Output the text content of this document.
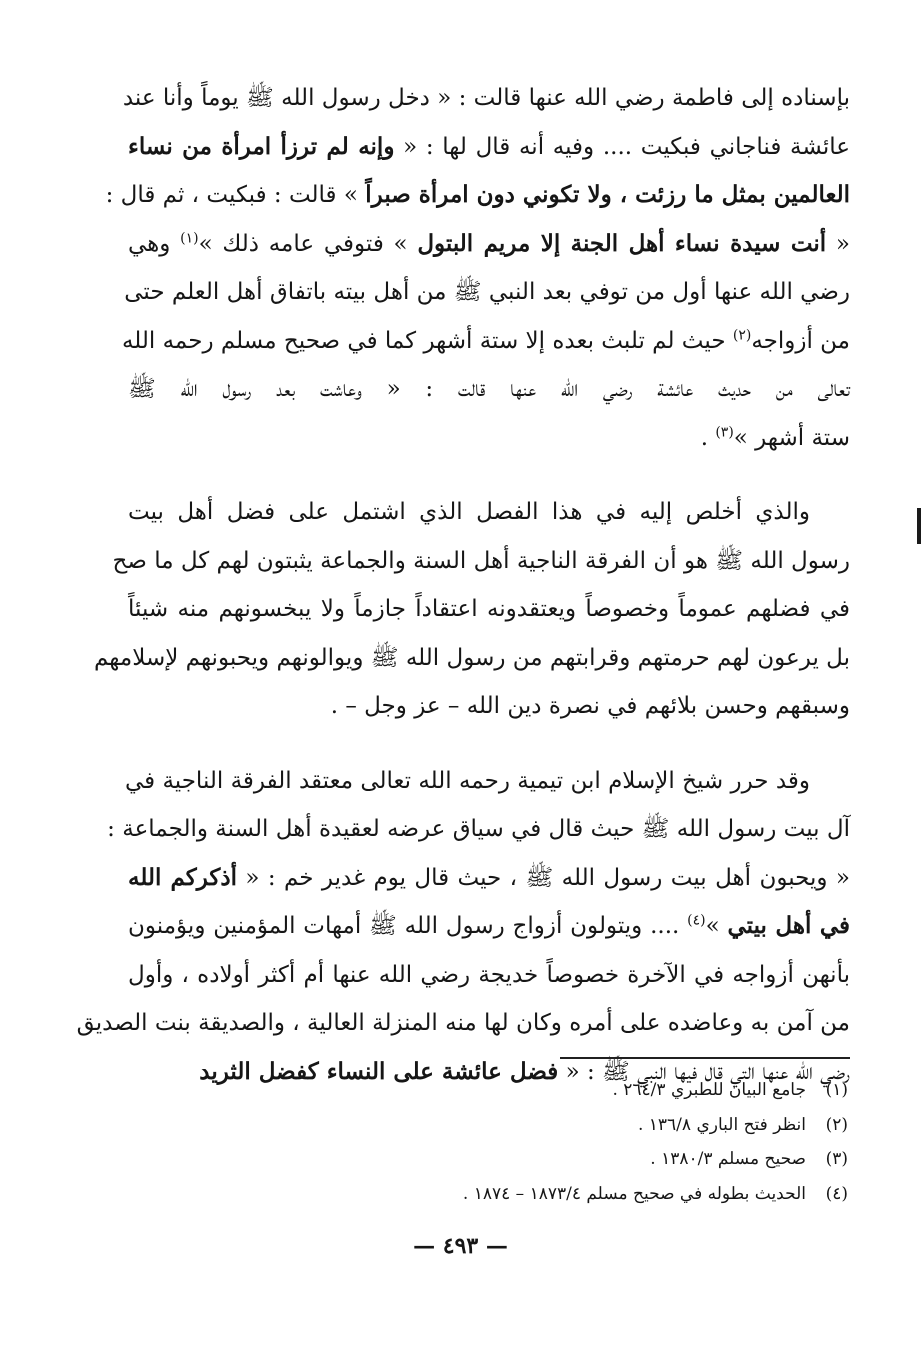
بإسناده إلى فاطمة رضي الله عنها قالت : « دخل رسول الله ﷺ يوماً وأنا عند
عائشة فناجاني فبكيت .... وفيه أنه قال لها : « وإنه لم ترزأ امرأة من نساء
العالمين بمثل ما رزئت ، ولا تكوني دون امرأة صبراً » قالت : فبكيت ، ثم قال :
« أنت سيدة نساء أهل الجنة إلا مريم البتول » فتوفي عامه ذلك »$^{(١)}$ وهي
رضي الله عنها أول من توفي بعد النبي ﷺ من أهل بيته باتفاق أهل العلم حتى
من أزواجه$^{(٢)}$ حيث لم تلبث بعده إلا ستة أشهر كما في صحيح مسلم رحمه الله
تعالى من حديث عائشة رضي الله عنها قالت : « وعاشت بعد رسول الله ﷺ
ستة أشهر »$^{(٣)}$ .

والذي أخلص إليه في هذا الفصل الذي اشتمل على فضل أهل بيت
رسول الله ﷺ هو أن الفرقة الناجية أهل السنة والجماعة يثبتون لهم كل ما صح
في فضلهم عموماً وخصوصاً ويعتقدونه اعتقاداً جازماً ولا يبخسونهم منه شيئاً
بل يرعون لهم حرمتهم وقرابتهم من رسول الله ﷺ ويوالونهم ويحبونهم لإسلامهم
وسبقهم وحسن بلائهم في نصرة دين الله – عز وجل – .

وقد حرر شيخ الإسلام ابن تيمية رحمه الله تعالى معتقد الفرقة الناجية في
آل بيت رسول الله ﷺ حيث قال في سياق عرضه لعقيدة أهل السنة والجماعة :
« ويحبون أهل بيت رسول الله ﷺ ، حيث قال يوم غدير خم : « أذكركم الله
في أهل بيتي »$^{(٤)}$ .... ويتولون أزواج رسول الله ﷺ أمهات المؤمنين ويؤمنون
بأنهن أزواجه في الآخرة خصوصاً خديجة رضي الله عنها أم أكثر أولاده ، وأول
من آمن به وعاضده على أمره وكان لها منه المنزلة العالية ، والصديقة بنت الصديق
رضي الله عنها التي قال فيها النبي ﷺ : « فضل عائشة على النساء كفضل الثريد

(١)جامع البيان للطبري ٢٦٤/٣ .
(٢)انظر فتح الباري ١٣٦/٨ .
(٣)صحيح مسلم ١٣٨٠/٣ .
(٤)الحديث بطوله في صحيح مسلم ١٨٧٣/٤ – ١٨٧٤ .
— ٤٩٣ —
